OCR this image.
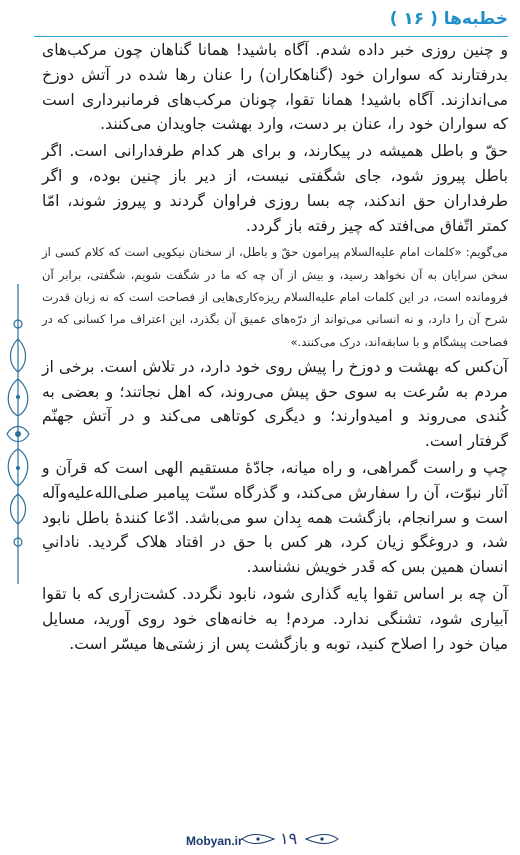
خطبه‌ها ( ۱۶ )

و چنین روزی خبر داده شدم. آگاه باشید! همانا گناهان چون مرکب‌های بدرفتارند که سواران خود (گناهکاران) را عنان رها شده در آتش دوزخ می‌اندازند. آگاه باشید! همانا تقوا، چونان مرکب‌های فرمانبرداری است که سواران خود را، عنان بر دست، وارد بهشت جاویدان می‌کنند.

حقّ و باطل همیشه در پیکارند، و برای هر کدام طرفدارانی است. اگر باطل پیروز شود، جای شگفتی نیست، از دیر باز چنین بوده، و اگر طرفداران حق اندکند، چه بسا روزی فراوان گردند و پیروز شوند، امّا کمتر اتّفاق می‌افتد که چیز رفته باز گردد.

می‌گویم: «کلمات امام علیه‌السلام پیرامون حقّ و باطل، از سخنان نیکویی است که کلام کسی از سخن سرایان به آن نخواهد رسید، و بیش از آن چه که ما در شگفت شویم، شگفتی، برابر آن فرومانده است، در این کلمات امام علیه‌السلام ریزه‌کاری‌هایی از فصاحت است که نه زبان قدرت شرح آن را دارد، و نه انسانی می‌تواند از درّه‌های عمیق آن بگذرد، این اعتراف مرا کسانی که در فصاحت پیشگام و با سابقه‌اند، درک می‌کنند.»

آن‌کس که بهشت و دوزخ را پیش روی خود دارد، در تلاش است. برخی از مردم به سُرعت به سوی حق پیش می‌روند، که اهل نجاتند؛ و بعضی به کُندی می‌روند و امیدوارند؛ و دیگری کوتاهی می‌کند و در آتش جهنّم گرفتار است.

چپ و راست گمراهی، و راه میانه، جادّهٔ مستقیم الهی است که قرآن و آثار نبوّت، آن را سفارش می‌کند، و گذرگاه سنّت پیامبر صلی‌الله‌علیه‌وآله است و سرانجام، بازگشت همه بِدان سو می‌باشد. ادّعا کنندهٔ باطل نابود شد، و دروغگو زیان کرد، هر کس با حق در افتاد هلاک گردید. نادانیِ انسان همین بس که قَدر خویش نشناسد.

آن چه بر اساس تقوا پایه گذاری شود، نابود نگردد. کشت‌زاری که با تقوا آبیاری شود، تشنگی ندارد. مردم! به خانه‌های خود روی آورید، مسایل میان خود را اصلاح کنید، توبه و بازگشت پس از زشتی‌ها میسّر است.

Mobyan.ir ۱۹
